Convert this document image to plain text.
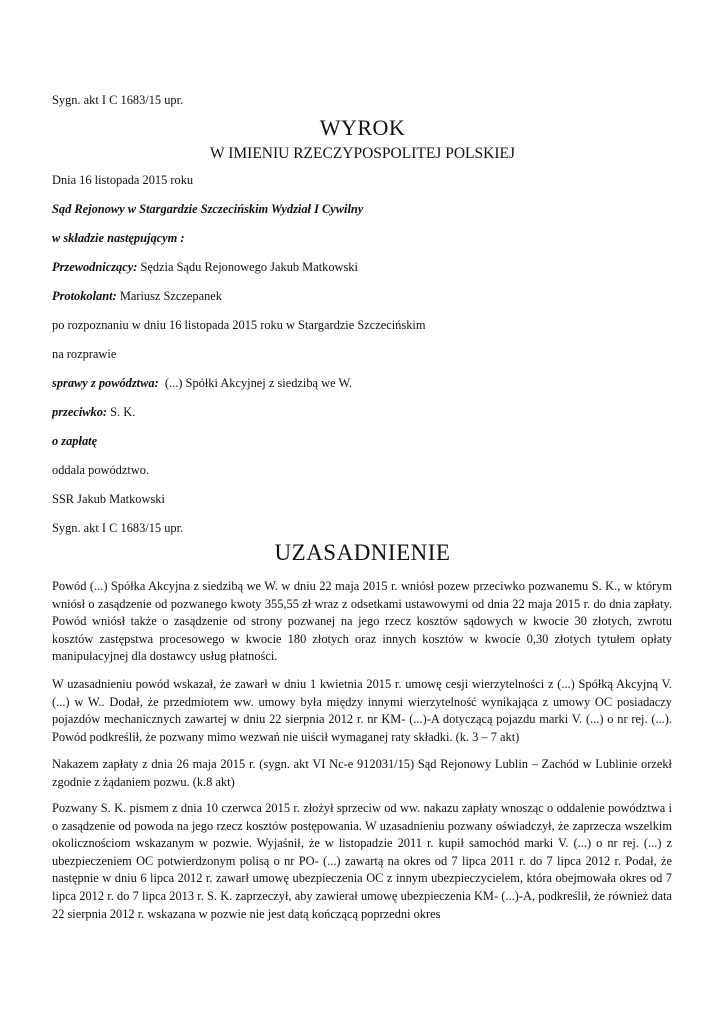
Sygn. akt I C 1683/15 upr.
WYROK
W IMIENIU RZECZYPOSPOLITEJ POLSKIEJ
Dnia 16 listopada 2015 roku
Sąd Rejonowy w Stargardzie Szczecińskim Wydział I Cywilny
w składzie następującym :
Przewodniczący: Sędzia Sądu Rejonowego Jakub Matkowski
Protokolant: Mariusz Szczepanek
po rozpoznaniu w dniu 16 listopada 2015 roku w Stargardzie Szczecińskim
na rozprawie
sprawy z powództwa:  (...) Spółki Akcyjnej z siedzibą we W.
przeciwko: S. K.
o zapłatę
oddala powództwo.
SSR Jakub Matkowski
Sygn. akt I C 1683/15 upr.
UZASADNIENIE
Powód (...) Spółka Akcyjna z siedzibą we W. w dniu 22 maja 2015 r. wniósł pozew przeciwko pozwanemu S. K., w którym wniósł o zasądzenie od pozwanego kwoty 355,55 zł wraz z odsetkami ustawowymi od dnia 22 maja 2015 r. do dnia zapłaty. Powód wniósł także o zasądzenie od strony pozwanej na jego rzecz kosztów sądowych w kwocie 30 złotych, zwrotu kosztów zastępstwa procesowego w kwocie 180 złotych oraz innych kosztów w kwocie 0,30 złotych tytułem opłaty manipulacyjnej dla dostawcy usług płatności.
W uzasadnieniu powód wskazał, że zawarł w dniu 1 kwietnia 2015 r. umowę cesji wierzytelności z (...) Spółką Akcyjną V. (...) w W.. Dodał, że przedmiotem ww. umowy była między innymi wierzytelność wynikająca z umowy OC posiadaczy pojazdów mechanicznych zawartej w dniu 22 sierpnia 2012 r. nr KM- (...)-A dotyczącą pojazdu marki V. (...) o nr rej. (...). Powód podkreślił, że pozwany mimo wezwań nie uiścił wymaganej raty składki. (k. 3 – 7 akt)
Nakazem zapłaty z dnia 26 maja 2015 r. (sygn. akt VI Nc-e 912031/15) Sąd Rejonowy Lublin – Zachód w Lublinie orzekł zgodnie z żądaniem pozwu. (k.8 akt)
Pozwany S. K. pismem z dnia 10 czerwca 2015 r. złożył sprzeciw od ww. nakazu zapłaty wnosząc o oddalenie powództwa i o zasądzenie od powoda na jego rzecz kosztów postępowania. W uzasadnieniu pozwany oświadczył, że zaprzecza wszelkim okolicznościom wskazanym w pozwie. Wyjaśnił, że w listopadzie 2011 r. kupił samochód marki V. (...) o nr rej. (...) z ubezpieczeniem OC potwierdzonym polisą o nr PO- (...) zawartą na okres od 7 lipca 2011 r. do 7 lipca 2012 r. Podał, że następnie w dniu 6 lipca 2012 r. zawarł umowę ubezpieczenia OC z innym ubezpieczycielem, która obejmowała okres od 7 lipca 2012 r. do 7 lipca 2013 r. S. K. zaprzeczył, aby zawierał umowę ubezpieczenia KM- (...)-A, podkreślił, że również data 22 sierpnia 2012 r. wskazana w pozwie nie jest datą kończącą poprzedni okres
